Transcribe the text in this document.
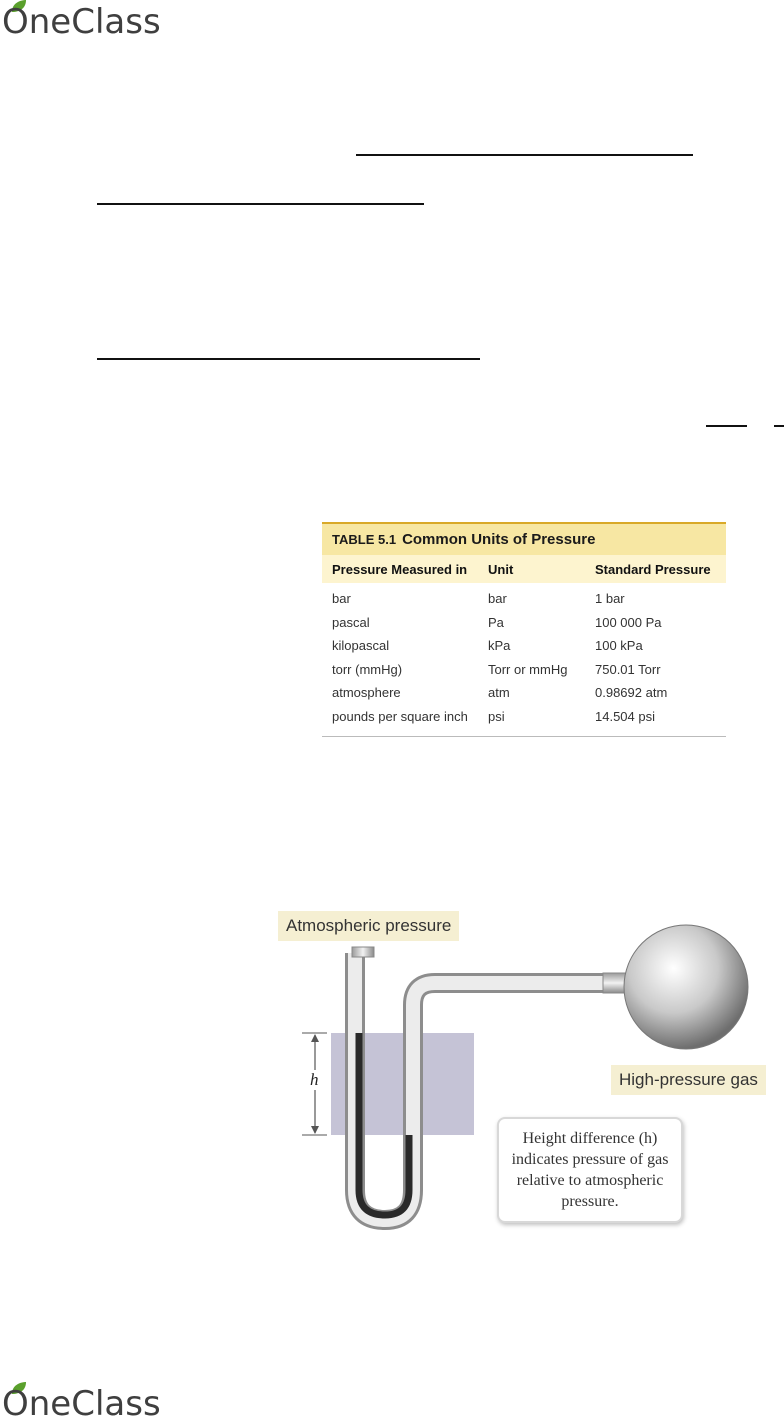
OneClass
TABLE 5.1 Common Units of Pressure
Pressure Measured in	Unit	Standard Pressure
bar	bar	1 bar
pascal	Pa	100 000 Pa
kilopascal	kPa	100 kPa
torr (mmHg)	Torr or mmHg	750.01 Torr
atmosphere	atm	0.98692 atm
pounds per square inch	psi	14.504 psi
Atmospheric pressure
High-pressure gas
h
Height difference (h) indicates pressure of gas relative to atmospheric pressure.
OneClass
